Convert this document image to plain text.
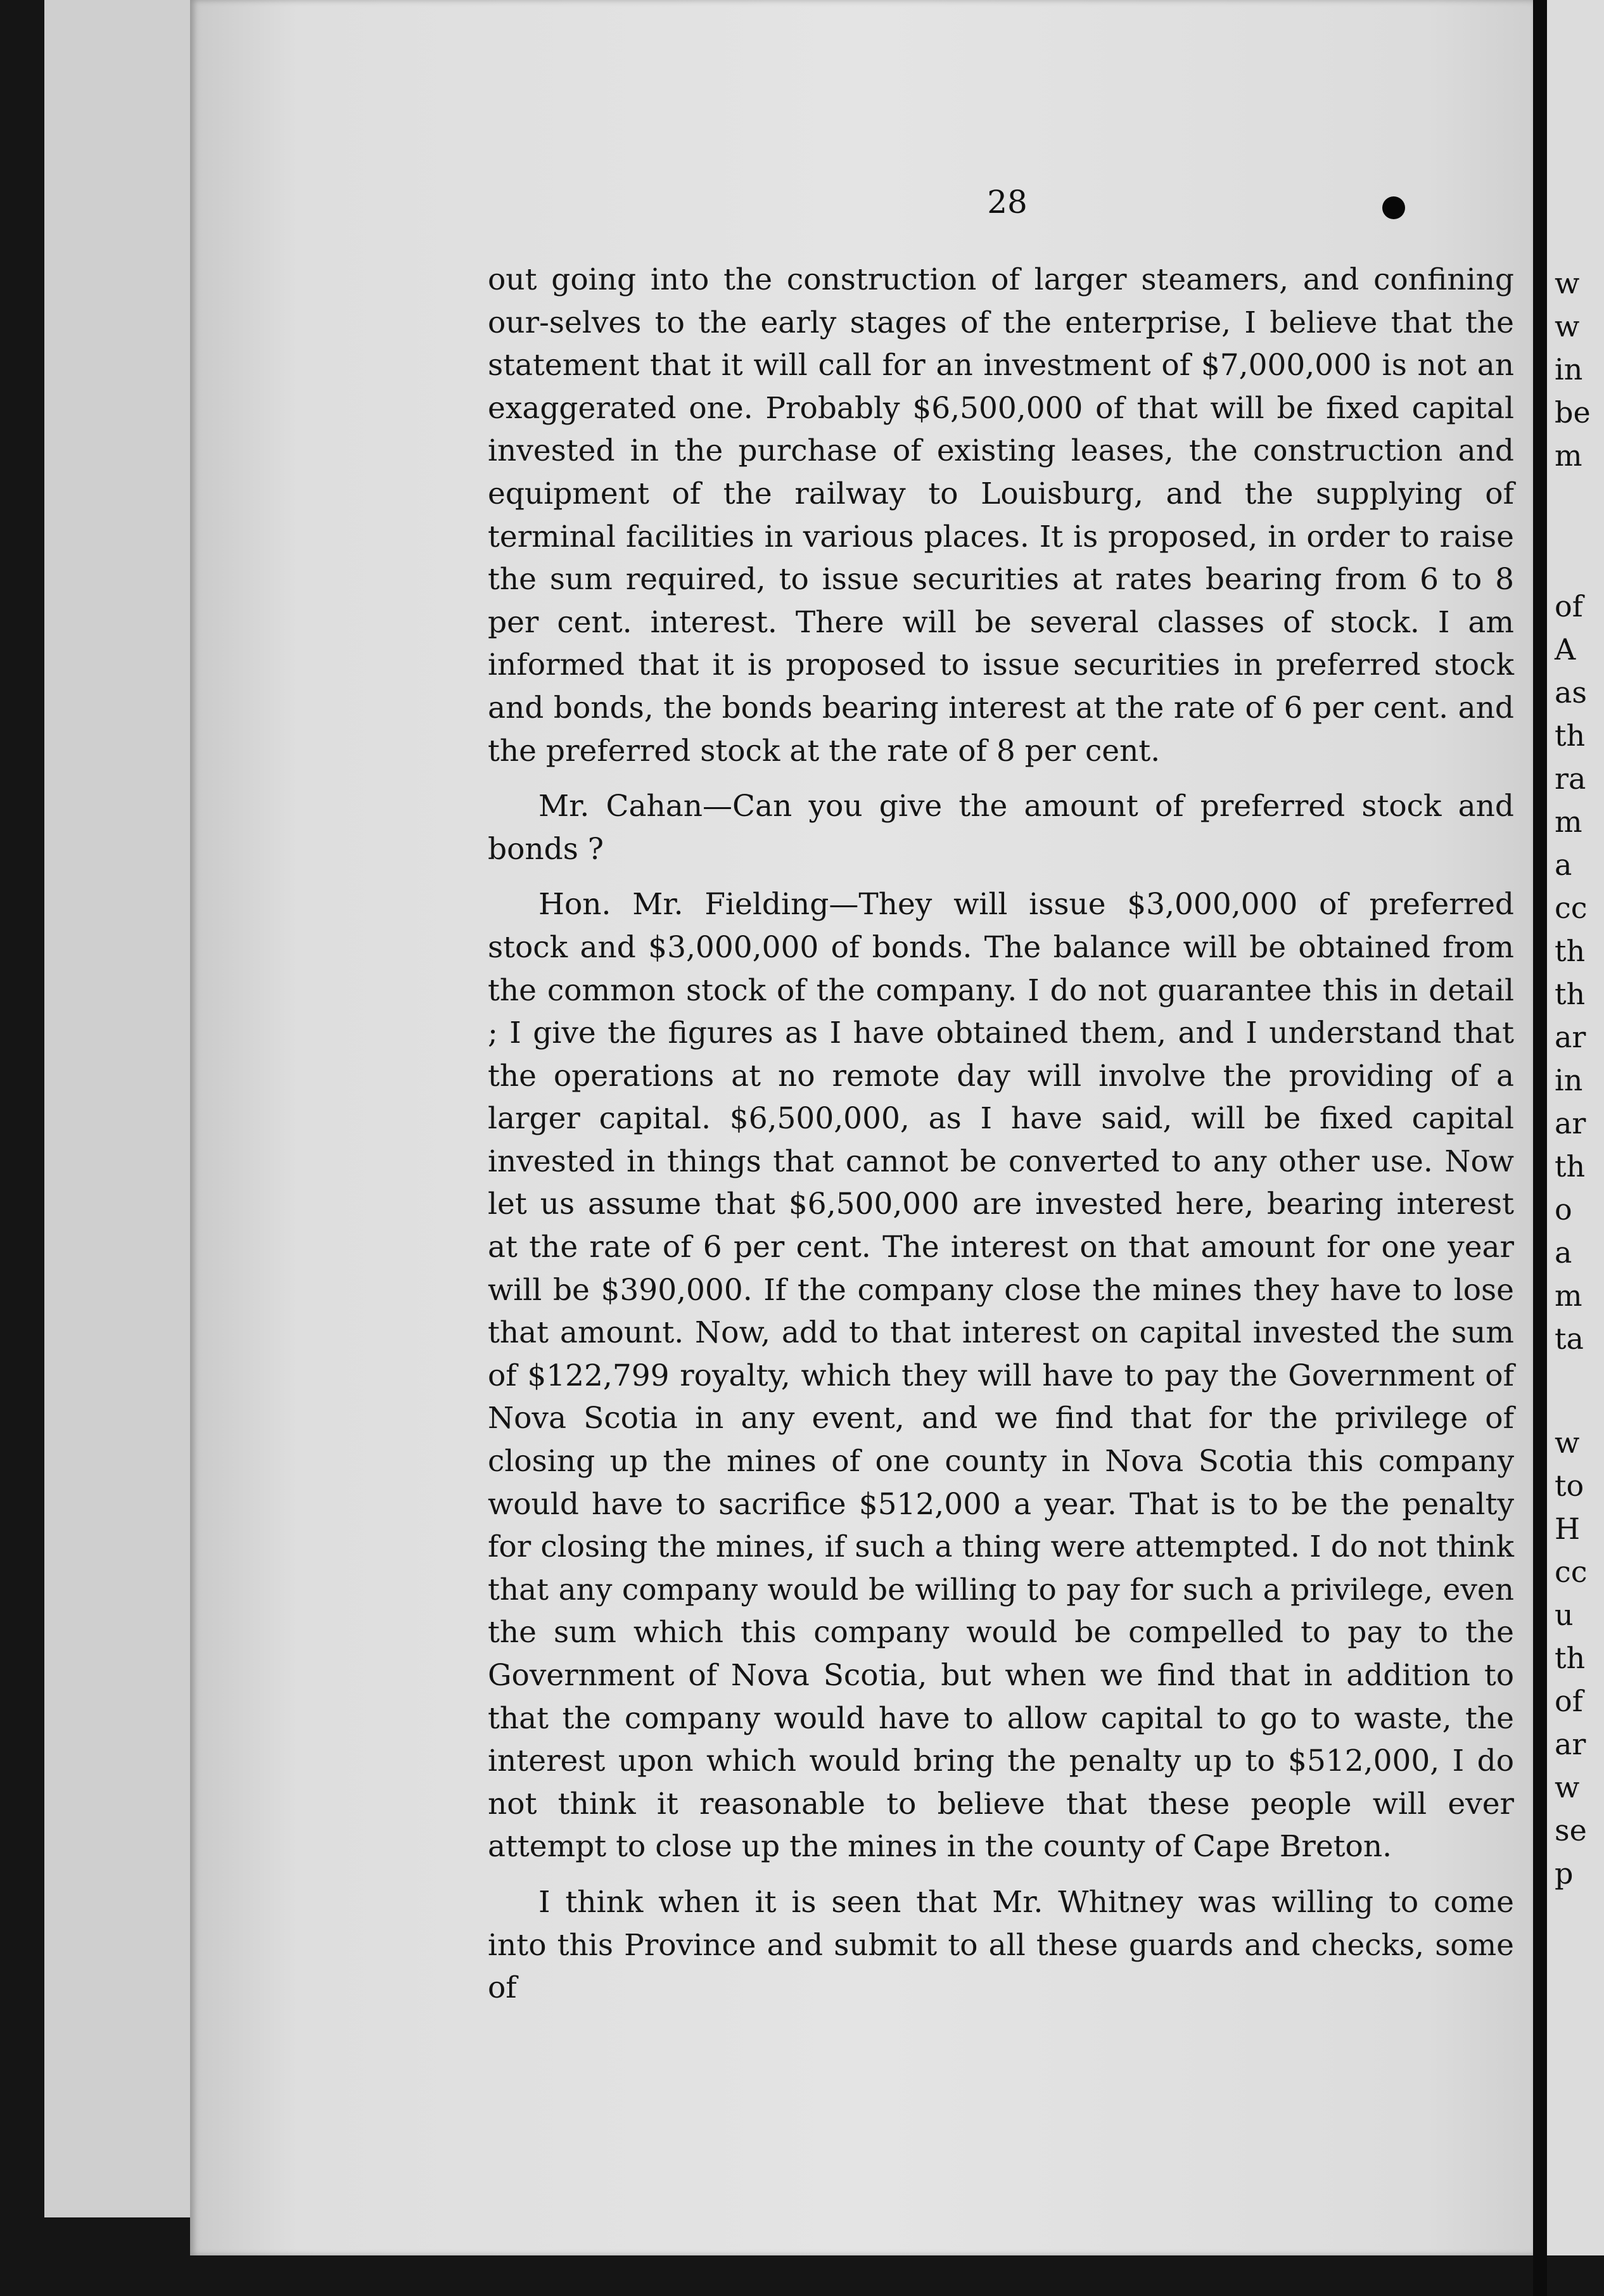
28

out going into the construction of larger steamers, and confining our-selves to the early stages of the enterprise, I believe that the statement that it will call for an investment of $7,000,000 is not an exaggerated one. Probably $6,500,000 of that will be fixed capital invested in the purchase of existing leases, the construction and equipment of the railway to Louisburg, and the supplying of terminal facilities in various places. It is proposed, in order to raise the sum required, to issue securities at rates bearing from 6 to 8 per cent. interest. There will be several classes of stock. I am informed that it is proposed to issue securities in preferred stock and bonds, the bonds bearing interest at the rate of 6 per cent. and the preferred stock at the rate of 8 per cent.

Mr. Cahan—Can you give the amount of preferred stock and bonds ?

Hon. Mr. Fielding—They will issue $3,000,000 of preferred stock and $3,000,000 of bonds. The balance will be obtained from the common stock of the company. I do not guarantee this in detail ; I give the figures as I have obtained them, and I understand that the operations at no remote day will involve the providing of a larger capital. $6,500,000, as I have said, will be fixed capital invested in things that cannot be converted to any other use. Now let us assume that $6,500,000 are invested here, bearing interest at the rate of 6 per cent. The interest on that amount for one year will be $390,000. If the company close the mines they have to lose that amount. Now, add to that interest on capital invested the sum of $122,799 royalty, which they will have to pay the Government of Nova Scotia in any event, and we find that for the privilege of closing up the mines of one county in Nova Scotia this company would have to sacrifice $512,000 a year. That is to be the penalty for closing the mines, if such a thing were attempted. I do not think that any company would be willing to pay for such a privilege, even the sum which this company would be compelled to pay to the Government of Nova Scotia, but when we find that in addition to that the company would have to allow capital to go to waste, the interest upon which would bring the penalty up to $512,000, I do not think it reasonable to believe that these people will ever attempt to close up the mines in the county of Cape Breton.

I think when it is seen that Mr. Whitney was willing to come into this Province and submit to all these guards and checks, some of

w
w
in
be
m
of
A
as
th
ra
m
a
cc
th
th
ar
in
ar
th
o
a
m
ta
w
to
H
cc
u
th
of
ar
w
se
p
